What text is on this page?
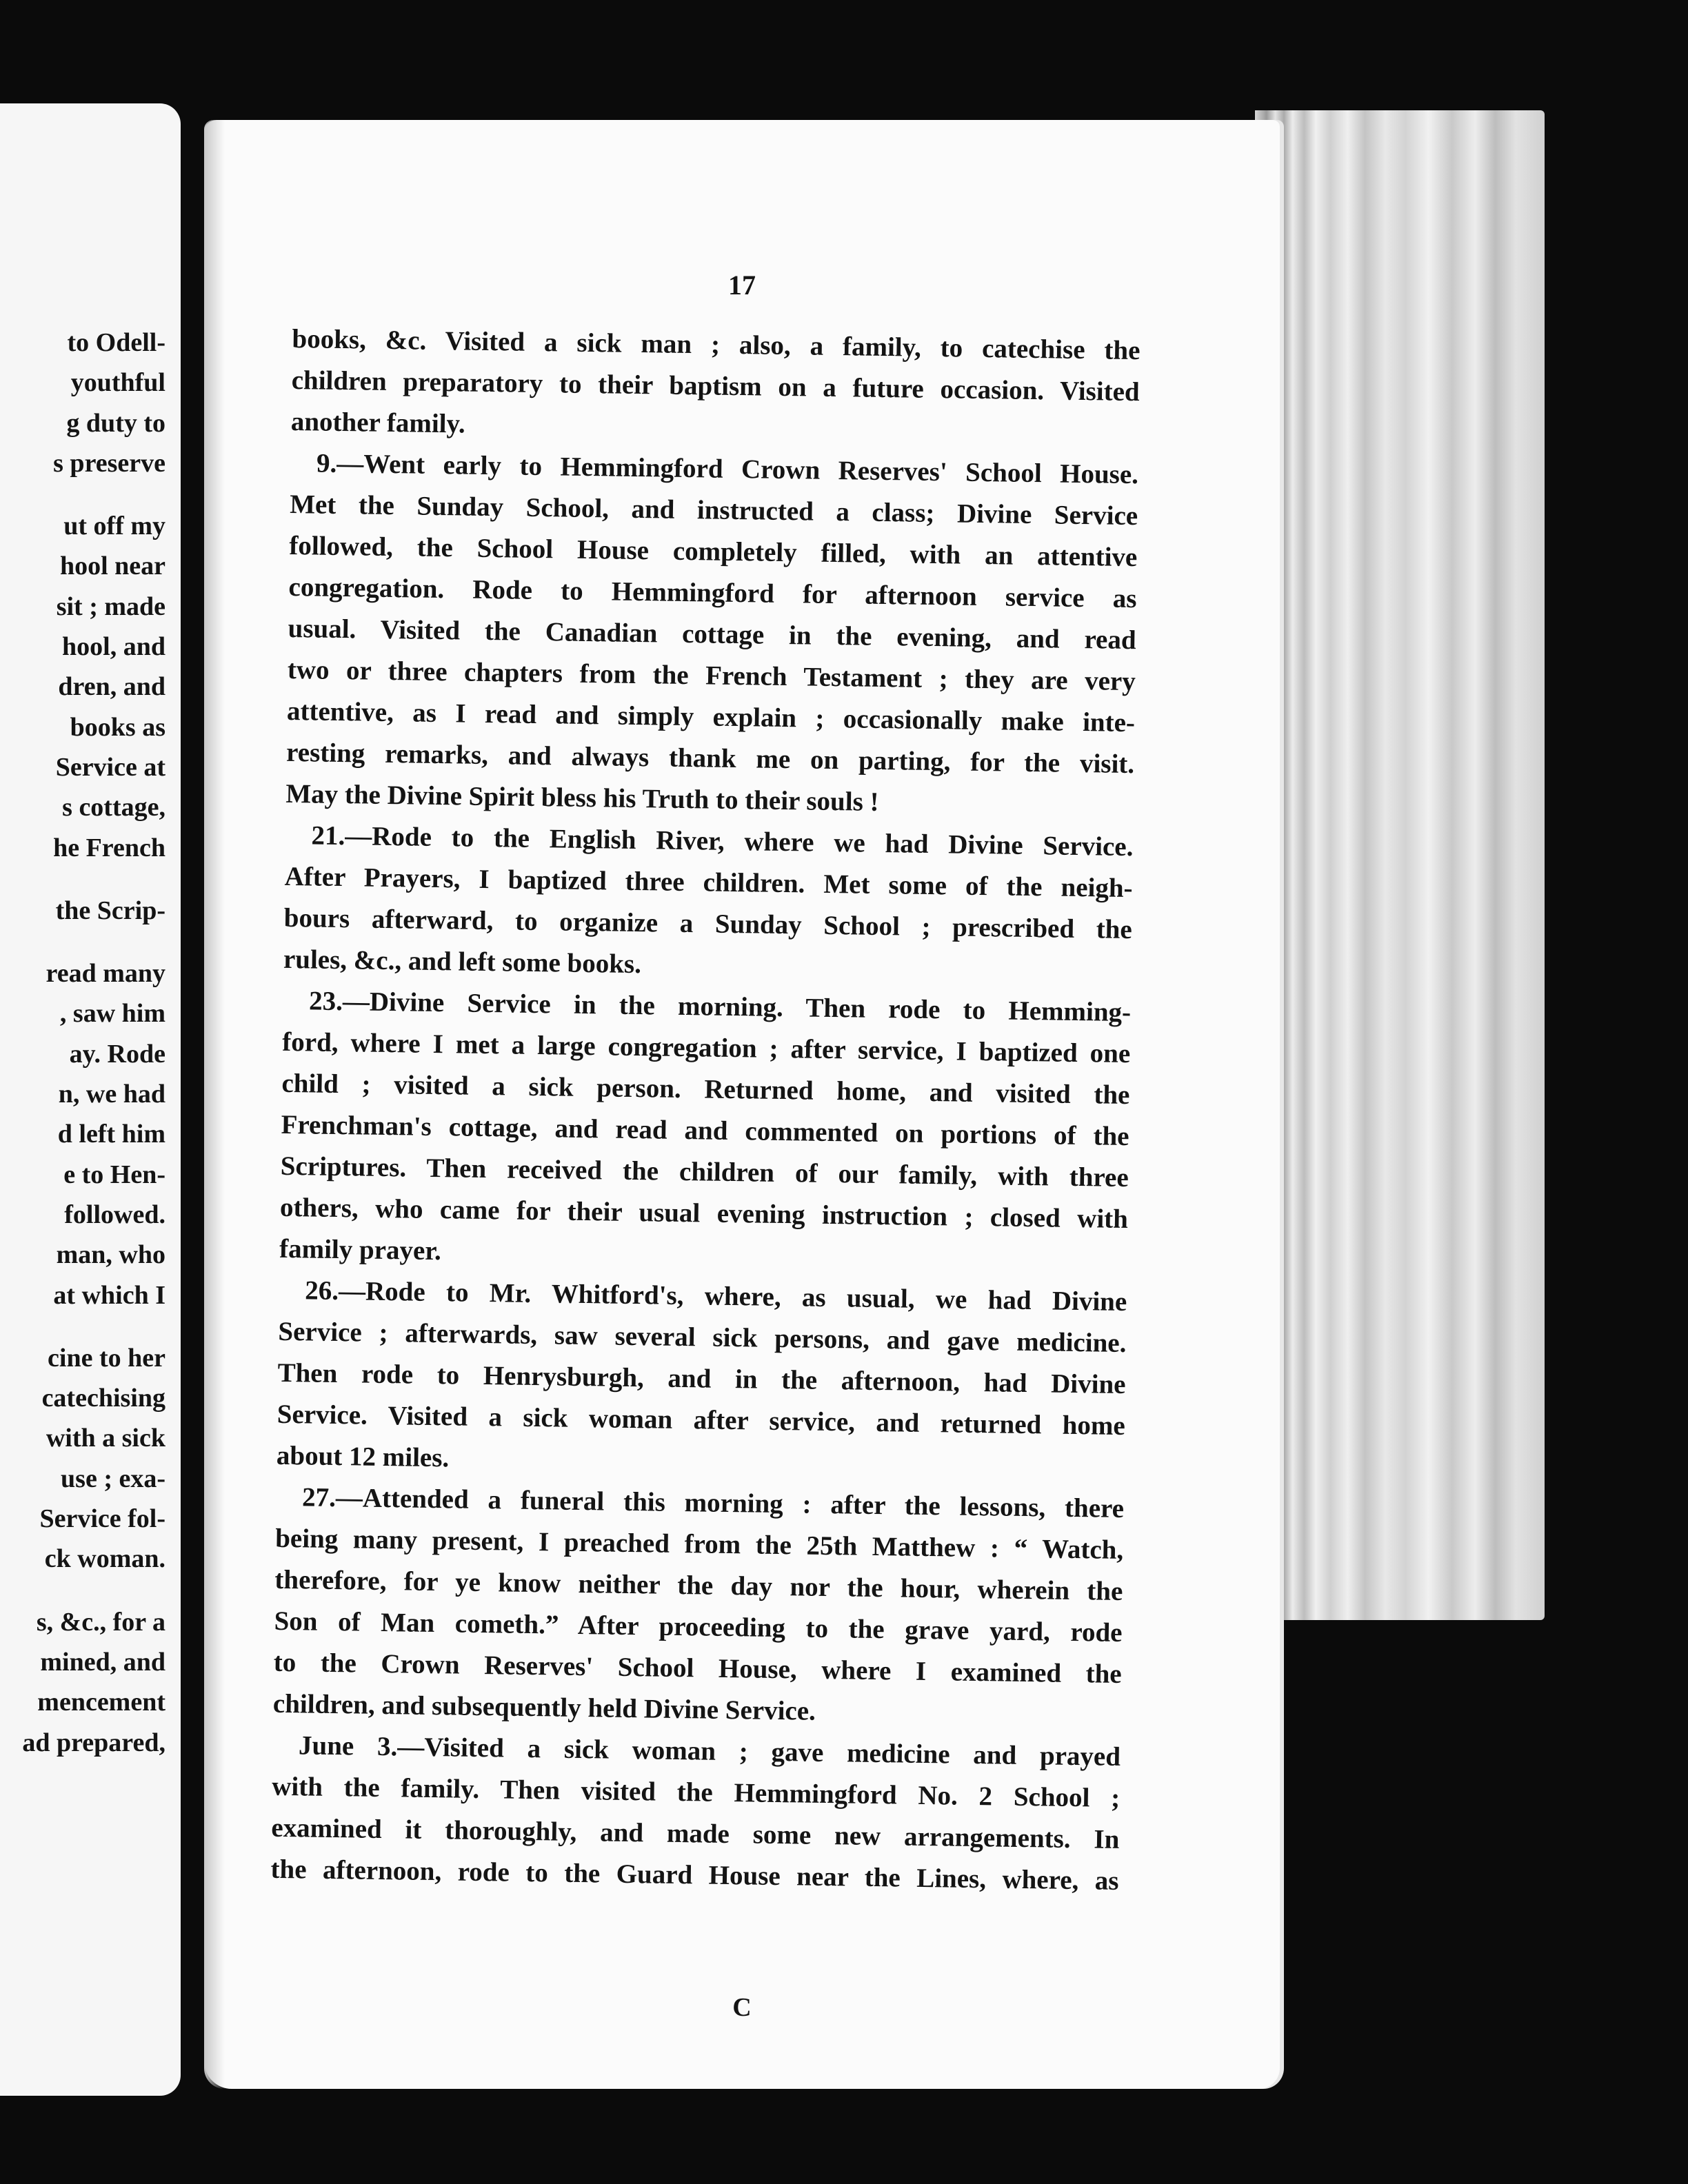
to Odell-
youthful
g duty to
s preserve
ut off my
hool near
sit ; made
hool, and
dren, and
books as
Service at
s cottage,
he French
the Scrip-
read many
, saw him
ay. Rode
n, we had
d left him
e to Hen-
followed.
man, who
at which I
cine to her
catechising
with a sick
use ; exa-
Service fol-
ck woman.
s, &c., for a
mined, and
mencement
ad prepared,
17
books, &c. Visited a sick man ; also, a family, to catechise the
children preparatory to their baptism on a future occasion. Visited
another family.
9.—Went early to Hemmingford Crown Reserves' School House.
Met the Sunday School, and instructed a class; Divine Service
followed, the School House completely filled, with an attentive
congregation. Rode to Hemmingford for afternoon service as
usual. Visited the Canadian cottage in the evening, and read
two or three chapters from the French Testament ; they are very
attentive, as I read and simply explain ; occasionally make inte-
resting remarks, and always thank me on parting, for the visit.
May the Divine Spirit bless his Truth to their souls !
21.—Rode to the English River, where we had Divine Service.
After Prayers, I baptized three children. Met some of the neigh-
bours afterward, to organize a Sunday School ; prescribed the
rules, &c., and left some books.
23.—Divine Service in the morning. Then rode to Hemming-
ford, where I met a large congregation ; after service, I baptized one
child ; visited a sick person. Returned home, and visited the
Frenchman's cottage, and read and commented on portions of the
Scriptures. Then received the children of our family, with three
others, who came for their usual evening instruction ; closed with
family prayer.
26.—Rode to Mr. Whitford's, where, as usual, we had Divine
Service ; afterwards, saw several sick persons, and gave medicine.
Then rode to Henrysburgh, and in the afternoon, had Divine
Service. Visited a sick woman after service, and returned home
about 12 miles.
27.—Attended a funeral this morning : after the lessons, there
being many present, I preached from the 25th Matthew : “ Watch,
therefore, for ye know neither the day nor the hour, wherein the
Son of Man cometh.” After proceeding to the grave yard, rode
to the Crown Reserves' School House, where I examined the
children, and subsequently held Divine Service.
June 3.—Visited a sick woman ; gave medicine and prayed
with the family. Then visited the Hemmingford No. 2 School ;
examined it thoroughly, and made some new arrangements. In
the afternoon, rode to the Guard House near the Lines, where, as
C
